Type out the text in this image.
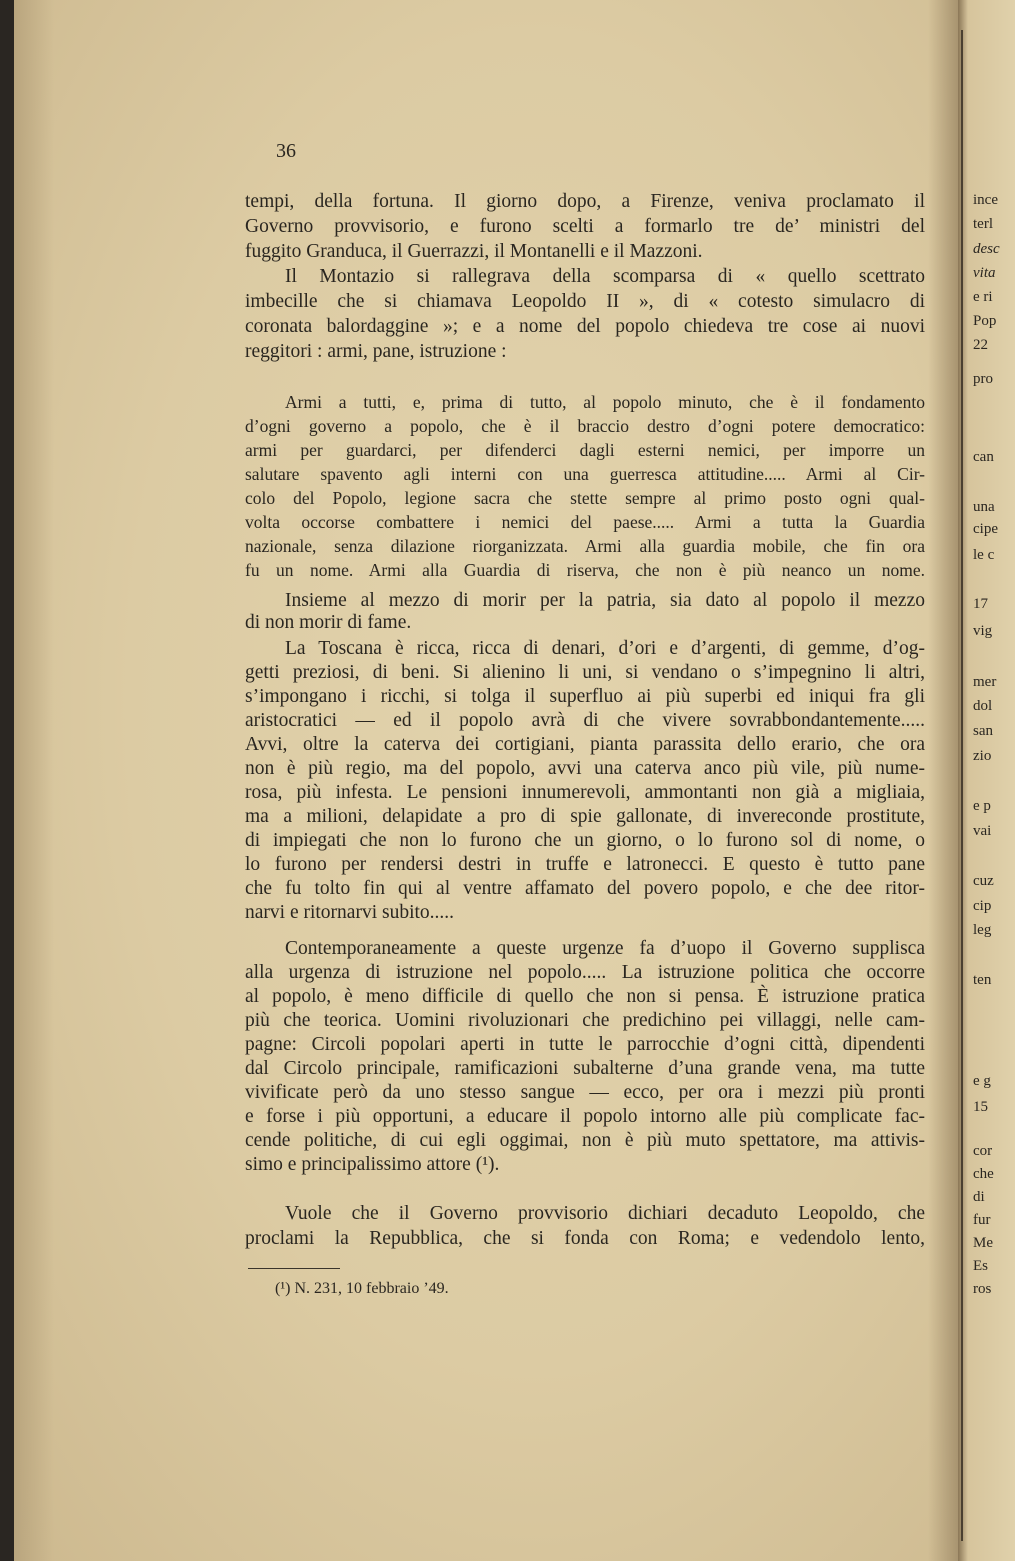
36
(¹) N. 231, 10 febbraio ’49.
tempi, della fortuna. Il giorno dopo, a Firenze, veniva proclamato il
Governo provvisorio, e furono scelti a formarlo tre de’ ministri del
fuggito Granduca, il Guerrazzi, il Montanelli e il Mazzoni.
Il Montazio si rallegrava della scomparsa di « quello scettrato
imbecille che si chiamava Leopoldo II », di « cotesto simulacro di
coronata balordaggine »; e a nome del popolo chiedeva tre cose ai nuovi
reggitori : armi, pane, istruzione :
Armi a tutti, e, prima di tutto, al popolo minuto, che è il fondamento
d’ogni governo a popolo, che è il braccio destro d’ogni potere democratico:
armi per guardarci, per difenderci dagli esterni nemici, per imporre un
salutare spavento agli interni con una guerresca attitudine..... Armi al Cir-
colo del Popolo, legione sacra che stette sempre al primo posto ogni qual-
volta occorse combattere i nemici del paese..... Armi a tutta la Guardia
nazionale, senza dilazione riorganizzata. Armi alla guardia mobile, che fin ora
fu un nome. Armi alla Guardia di riserva, che non è più neanco un nome.
Insieme al mezzo di morir per la patria, sia dato al popolo il mezzo
di non morir di fame.
La Toscana è ricca, ricca di denari, d’ori e d’argenti, di gemme, d’og-
getti preziosi, di beni. Si alienino li uni, si vendano o s’impegnino li altri,
s’impongano i ricchi, si tolga il superfluo ai più superbi ed iniqui fra gli
aristocratici — ed il popolo avrà di che vivere sovrabbondantemente.....
Avvi, oltre la caterva dei cortigiani, pianta parassita dello erario, che ora
non è più regio, ma del popolo, avvi una caterva anco più vile, più nume-
rosa, più infesta. Le pensioni innumerevoli, ammontanti non già a migliaia,
ma a milioni, delapidate a pro di spie gallonate, di invereconde prostitute,
di impiegati che non lo furono che un giorno, o lo furono sol di nome, o
lo furono per rendersi destri in truffe e latronecci. E questo è tutto pane
che fu tolto fin qui al ventre affamato del povero popolo, e che dee ritor-
narvi e ritornarvi subito.....
Contemporaneamente a queste urgenze fa d’uopo il Governo supplisca
alla urgenza di istruzione nel popolo..... La istruzione politica che occorre
al popolo, è meno difficile di quello che non si pensa. È istruzione pratica
più che teorica. Uomini rivoluzionari che predichino pei villaggi, nelle cam-
pagne: Circoli popolari aperti in tutte le parrocchie d’ogni città, dipendenti
dal Circolo principale, ramificazioni subalterne d’una grande vena, ma tutte
vivificate però da uno stesso sangue — ecco, per ora i mezzi più pronti
e forse i più opportuni, a educare il popolo intorno alle più complicate fac-
cende politiche, di cui egli oggimai, non è più muto spettatore, ma attivis-
simo e principalissimo attore (¹).
Vuole che il Governo provvisorio dichiari decaduto Leopoldo, che
proclami la Repubblica, che si fonda con Roma; e vedendolo lento,
ince
terl
desc
vita
e ri
Pop
22
pro
can
una
cipe
le c
17
vig
mer
dol
san
zio
e p
vai
cuz
cip
leg
ten
e g
15
cor
che
di
fur
Me
Es
ros
